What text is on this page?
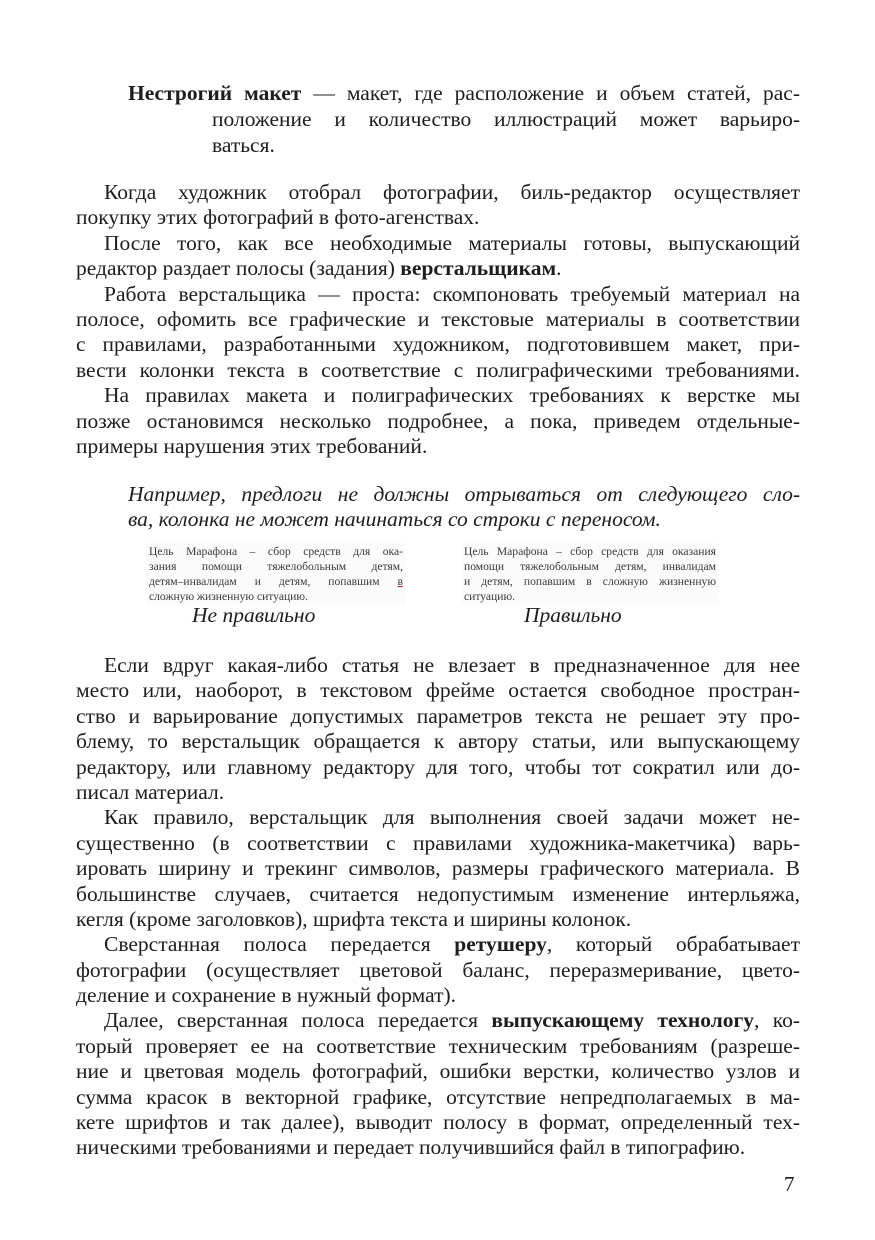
Нестрогий макет — макет, где расположение и объем статей, рас-
положение и количество иллюстраций может варьиро-
ваться.

Когда художник отобрал фотографии, биль-редактор осуществляет
покупку этих фотографий в фото-агенствах.

После того, как все необходимые материалы готовы, выпускающий
редактор раздает полосы (задания) верстальщикам.

Работа верстальщика — проста: скомпоновать требуемый материал на
полосе, офомить все графические и текстовые материалы в соответствии
с правилами, разработанными художником, подготовившем макет, при-
вести колонки текста в соответствие с полиграфическими требованиями.

На правилах макета и полиграфических требованиях к верстке мы
позже остановимся несколько подробнее, а пока, приведем отдельные-
примеры нарушения этих требований.

Например, предлоги не должны отрываться от следующего сло-
ва, колонка не может начинаться со строки с переносом.
Цель Марафона – сбор средств для ока-
зания помощи тяжелобольным детям,
детям–инвалидам и детям, попавшим в
сложную жизненную ситуацию.
Цель Марафона – сбор средств для оказания
помощи тяжелобольным детям, инвалидам
и детям, попавшим в сложную жизненную
ситуацию.
Не правильно	Правильно

Если вдруг какая-либо статья не влезает в предназначенное для нее
место или, наоборот, в текстовом фрейме остается свободное простран-
ство и варьирование допустимых параметров текста не решает эту про-
блему, то верстальщик обращается к автору статьи, или выпускающему
редактору, или главному редактору для того, чтобы тот сократил или до-
писал материал.

Как правило, верстальщик для выполнения своей задачи может не-
существенно (в соответствии с правилами художника-макетчика) варь-
ировать ширину и трекинг символов, размеры графического материала. В
большинстве случаев, считается недопустимым изменение интерльяжа,
кегля (кроме заголовков), шрифта текста и ширины колонок.

Сверстанная полоса передается ретушеру, который обрабатывает
фотографии (осуществляет цветовой баланс, переразмеривание, цвето-
деление и сохранение в нужный формат).

Далее, сверстанная полоса передается выпускающему технологу, ко-
торый проверяет ее на соответствие техническим требованиям (разреше-
ние и цветовая модель фотографий, ошибки верстки, количество узлов и
сумма красок в векторной графике, отсутствие непредполагаемых в ма-
кете шрифтов и так далее), выводит полосу в формат, определенный тех-
ническими требованиями и передает получившийся файл в типографию.

7
